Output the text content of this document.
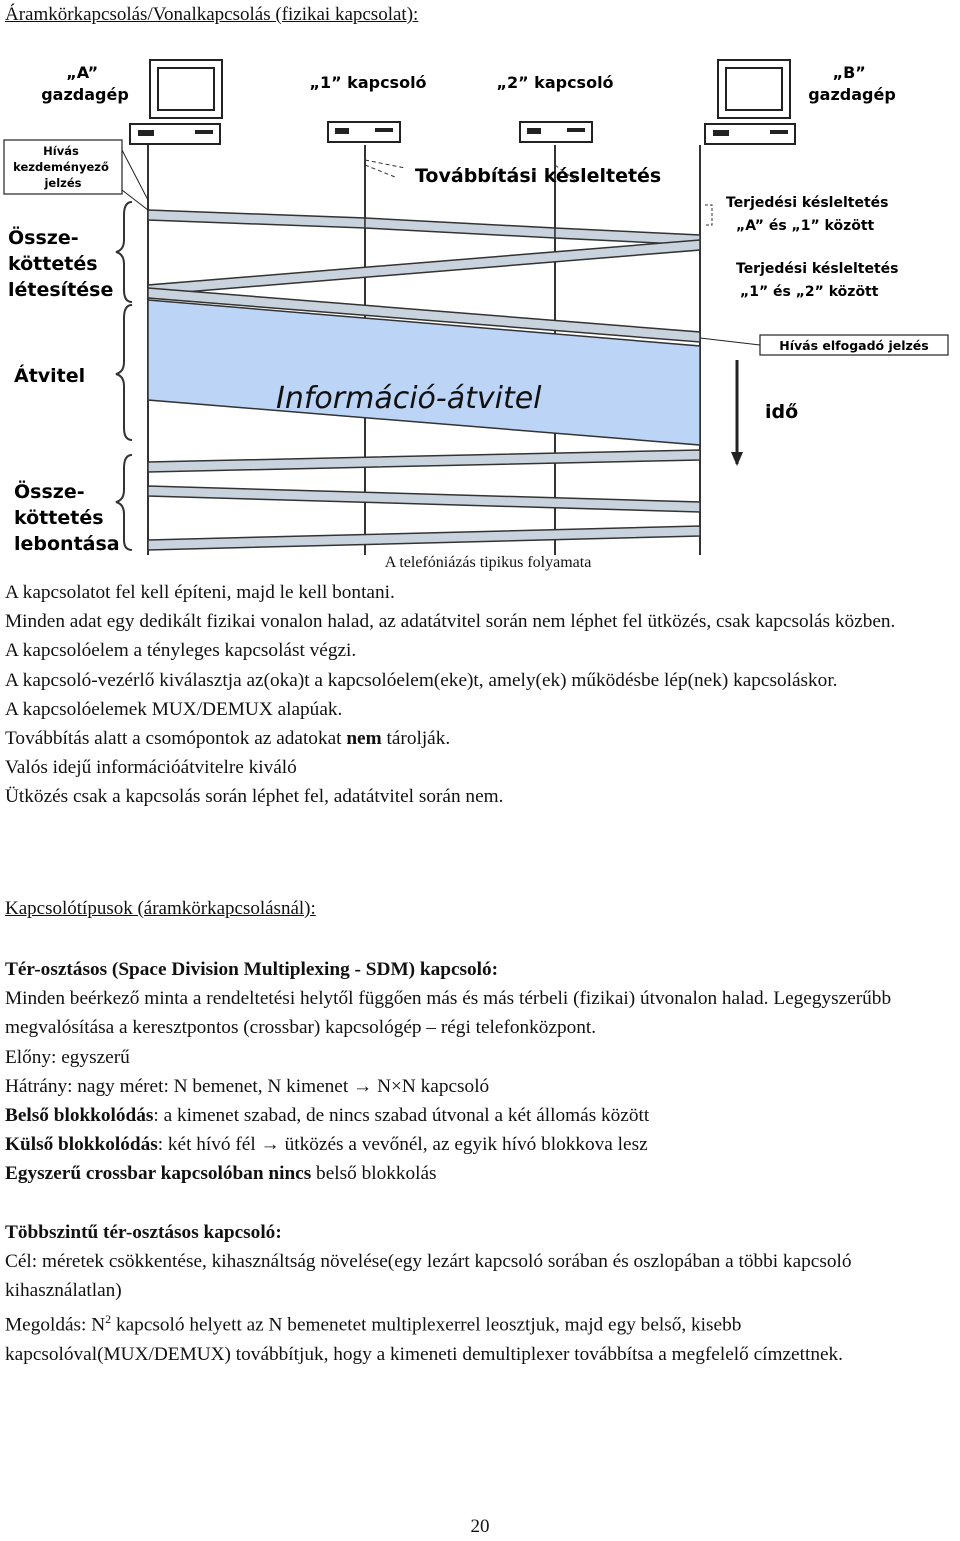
Áramkörkapcsolás/Vonalkapcsolás (fizikai kapcsolat):
„A” gazdagép
„1” kapcsoló	„2” kapcsoló
„B” gazdagép
Hívás kezdeményező jelzés	Továbbítási késleltetés
Terjedési késleltetés „A” és „1” között
Terjedési késleltetés „1” és „2” között
Hívás elfogadó jelzés
Össze- köttetés létesítése
Átvitel
Információ-átvitel	idő
Össze- köttetés lebontása
A telefóniázás tipikus folyamata

A kapcsolatot fel kell építeni, majd le kell bontani.

Minden adat egy dedikált fizikai vonalon halad, az adatátvitel során nem léphet fel ütközés, csak kapcsolás közben.

A kapcsolóelem a tényleges kapcsolást végzi.

A kapcsoló-vezérlő kiválasztja az(oka)t a kapcsolóelem(eke)t, amely(ek) működésbe lép(nek) kapcsoláskor.

A kapcsolóelemek MUX/DEMUX alapúak.

Továbbítás alatt a csomópontok az adatokat nem tárolják.

Valós idejű információátvitelre kiváló

Ütközés csak a kapcsolás során léphet fel, adatátvitel során nem.

Kapcsolótípusok (áramkörkapcsolásnál):

Tér-osztásos (Space Division Multiplexing - SDM) kapcsoló:

Minden beérkező minta a rendeltetési helytől függően más és más térbeli (fizikai) útvonalon halad. Legegyszerűbb megvalósítása a keresztpontos (crossbar) kapcsológép – régi telefonközpont.

Előny: egyszerű

Hátrány: nagy méret: N bemenet, N kimenet → N×N kapcsoló

Belső blokkolódás: a kimenet szabad, de nincs szabad útvonal a két állomás között

Külső blokkolódás: két hívó fél → ütközés a vevőnél, az egyik hívó blokkova lesz

Egyszerű crossbar kapcsolóban nincs belső blokkolás

Többszintű tér-osztásos kapcsoló:

Cél: méretek csökkentése, kihasználtság növelése(egy lezárt kapcsoló sorában és oszlopában a többi kapcsoló kihasználatlan)

Megoldás: $N^2$ kapcsoló helyett az N bemenetet multiplexerrel leosztjuk, majd egy belső, kisebb kapcsolóval(MUX/DEMUX) továbbítjuk, hogy a kimeneti demultiplexer továbbítsa a megfelelő címzettnek.

20
